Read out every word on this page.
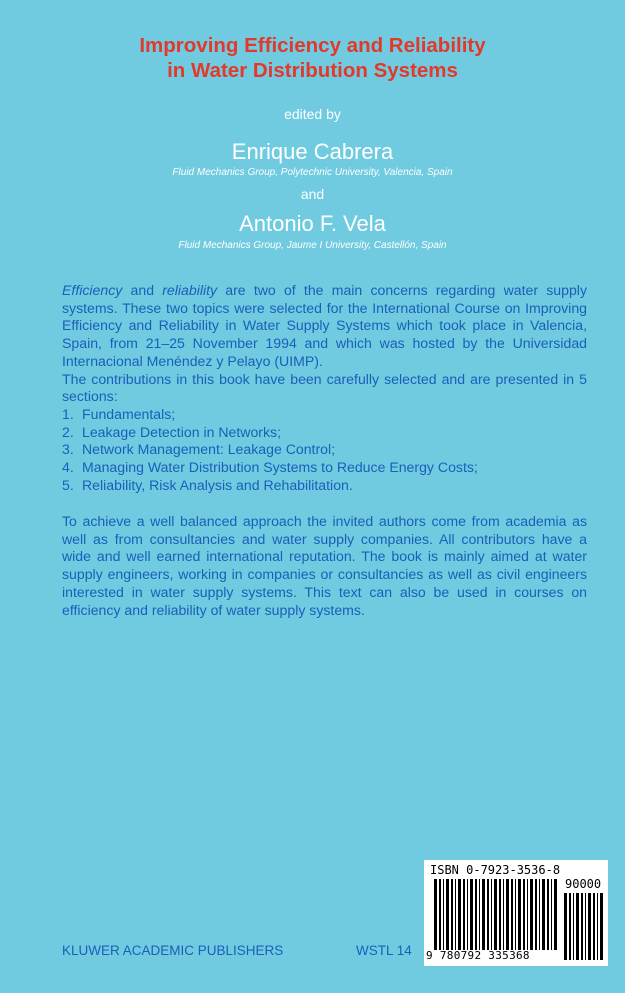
Improving Efficiency and Reliability
in Water Distribution Systems
edited by
Enrique Cabrera
Fluid Mechanics Group, Polytechnic University, Valencia, Spain
and
Antonio F. Vela
Fluid Mechanics Group, Jaume I University, Castellón, Spain

Efficiency and reliability are two of the main concerns regarding water supply systems. These two topics were selected for the International Course on Improving Efficiency and Reliability in Water Supply Systems which took place in Valencia, Spain, from 21–25 November 1994 and which was hosted by the Universidad Internacional Menéndez y Pelayo (UIMP).

The contributions in this book have been carefully selected and are presented in 5 sections:

1. Fundamentals;
2. Leakage Detection in Networks;
3. Network Management: Leakage Control;
4. Managing Water Distribution Systems to Reduce Energy Costs;
5. Reliability, Risk Analysis and Rehabilitation.
To achieve a well balanced approach the invited authors come from academia as well as from consultancies and water supply companies. All contributors have a wide and well earned international reputation. The book is mainly aimed at water supply engineers, working in companies or consultancies as well as civil engineers interested in water supply systems. This text can also be used in courses on efficiency and reliability of water supply systems.
KLUWER ACADEMIC PUBLISHERS	WSTL 14
ISBN 0-7923-3536-8
90000
9 780792 335368
